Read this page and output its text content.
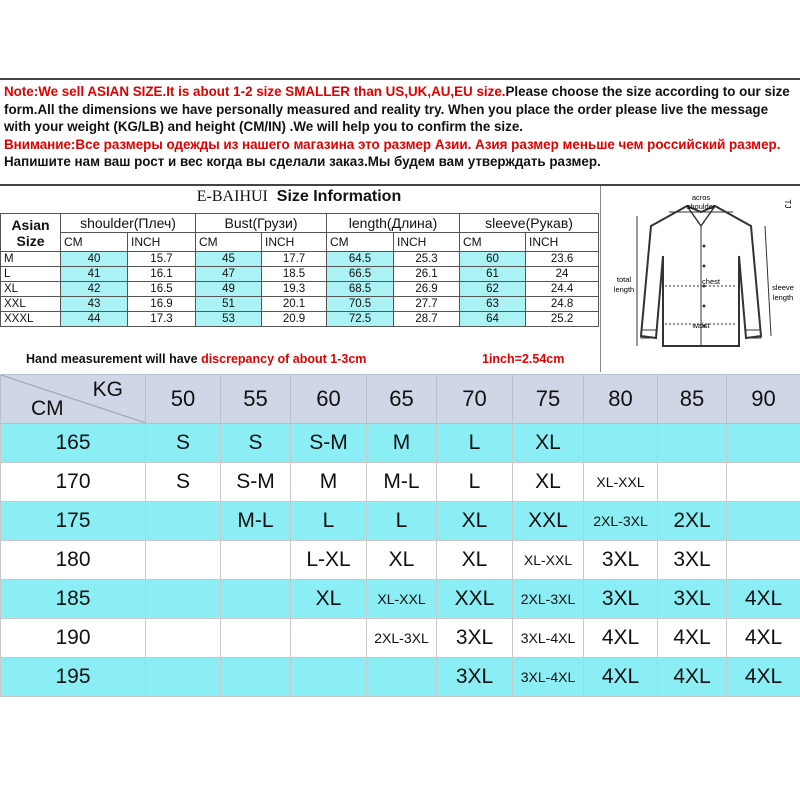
Note:We sell ASIAN SIZE.It is about 1-2 size SMALLER than US,UK,AU,EU size.Please choose the size according to our size form.All the dimensions we have personally measured and reality try. When you place the order please live the message with your weight (KG/LB) and height (CM/IN) .We will help you to confirm the size.
Внимание:Все размеры одежды из нашего магазина это размер Азии. Азия размер меньше чем российский размер. Напишите нам ваш рост и вес когда вы сделали заказ.Мы будем вам утверждать размер.
E-BAIHUI Size Information
Asian Size	shoulder(Плеч)		Bust(Грузи)		length(Длина)		sleeve(Рукав)	
	CM	INCH	CM	INCH	CM	INCH	CM	INCH
M	40	15.7	45	17.7	64.5	25.3	60	23.6
L	41	16.1	47	18.5	66.5	26.1	61	24
XL	42	16.5	49	19.3	68.5	26.9	62	24.4
XXL	43	16.9	51	20.1	70.5	27.7	63	24.8
XXXL	44	17.3	53	20.9	72.5	28.7	64	25.2
Hand measurement will have discrepancy of about 1-3cm	1inch=2.54cm
acros
shoulder
chest
waist
total
length	sleeve
length
TJ
KG
CM	50	55	60	65	70	75	80	85	90
165	S	S	S-M	M	L	XL			
170	S	S-M	M	M-L	L	XL	XL-XXL		
175		M-L	L	L	XL	XXL	2XL-3XL	2XL	
180			L-XL	XL	XL	XL-XXL	3XL	3XL	
185			XL	XL-XXL	XXL	2XL-3XL	3XL	3XL	4XL
190				2XL-3XL	3XL	3XL-4XL	4XL	4XL	4XL
195					3XL	3XL-4XL	4XL	4XL	4XL
